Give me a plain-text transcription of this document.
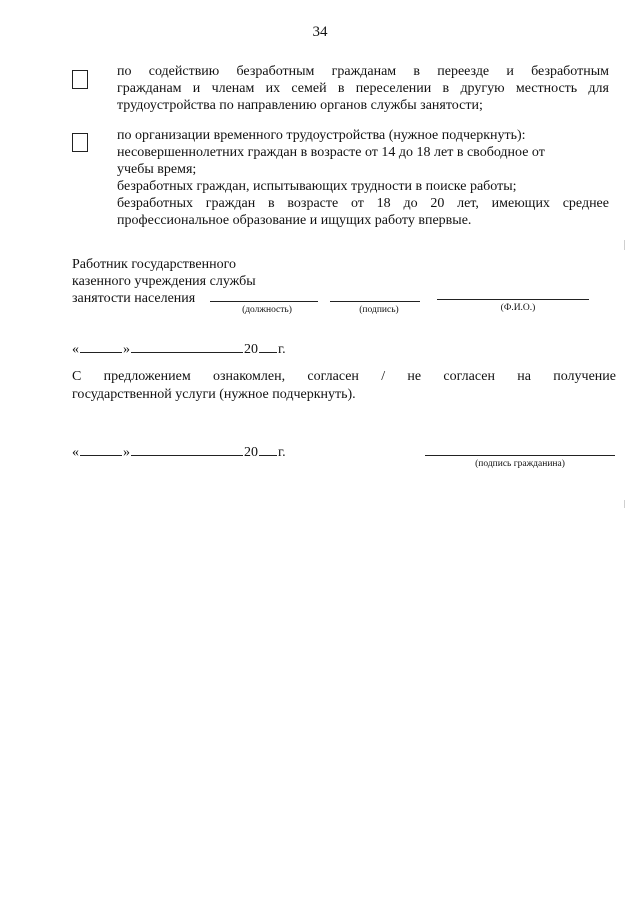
34
по содействию безработным гражданам в переезде и безработным
гражданам и членам их семей в переселении в другую местность для
трудоустройства по направлению органов службы занятости;
по организации временного трудоустройства (нужное подчеркнуть):
несовершеннолетних граждан в возрасте от 14 до 18 лет в свободное от
учебы время;
безработных граждан, испытывающих трудности в поиске работы;
безработных граждан в возрасте от 18 до 20 лет, имеющих среднее
профессиональное образование и ищущих работу впервые.
Работник государственного
казенного учреждения службы
занятости населения
(должность)	(подпись)	(Ф.И.О.)
«	»	20 г.
С предложением ознакомлен, согласен / не согласен на получение
государственной услуги (нужное подчеркнуть).
«	»	20 г.
(подпись гражданина)
